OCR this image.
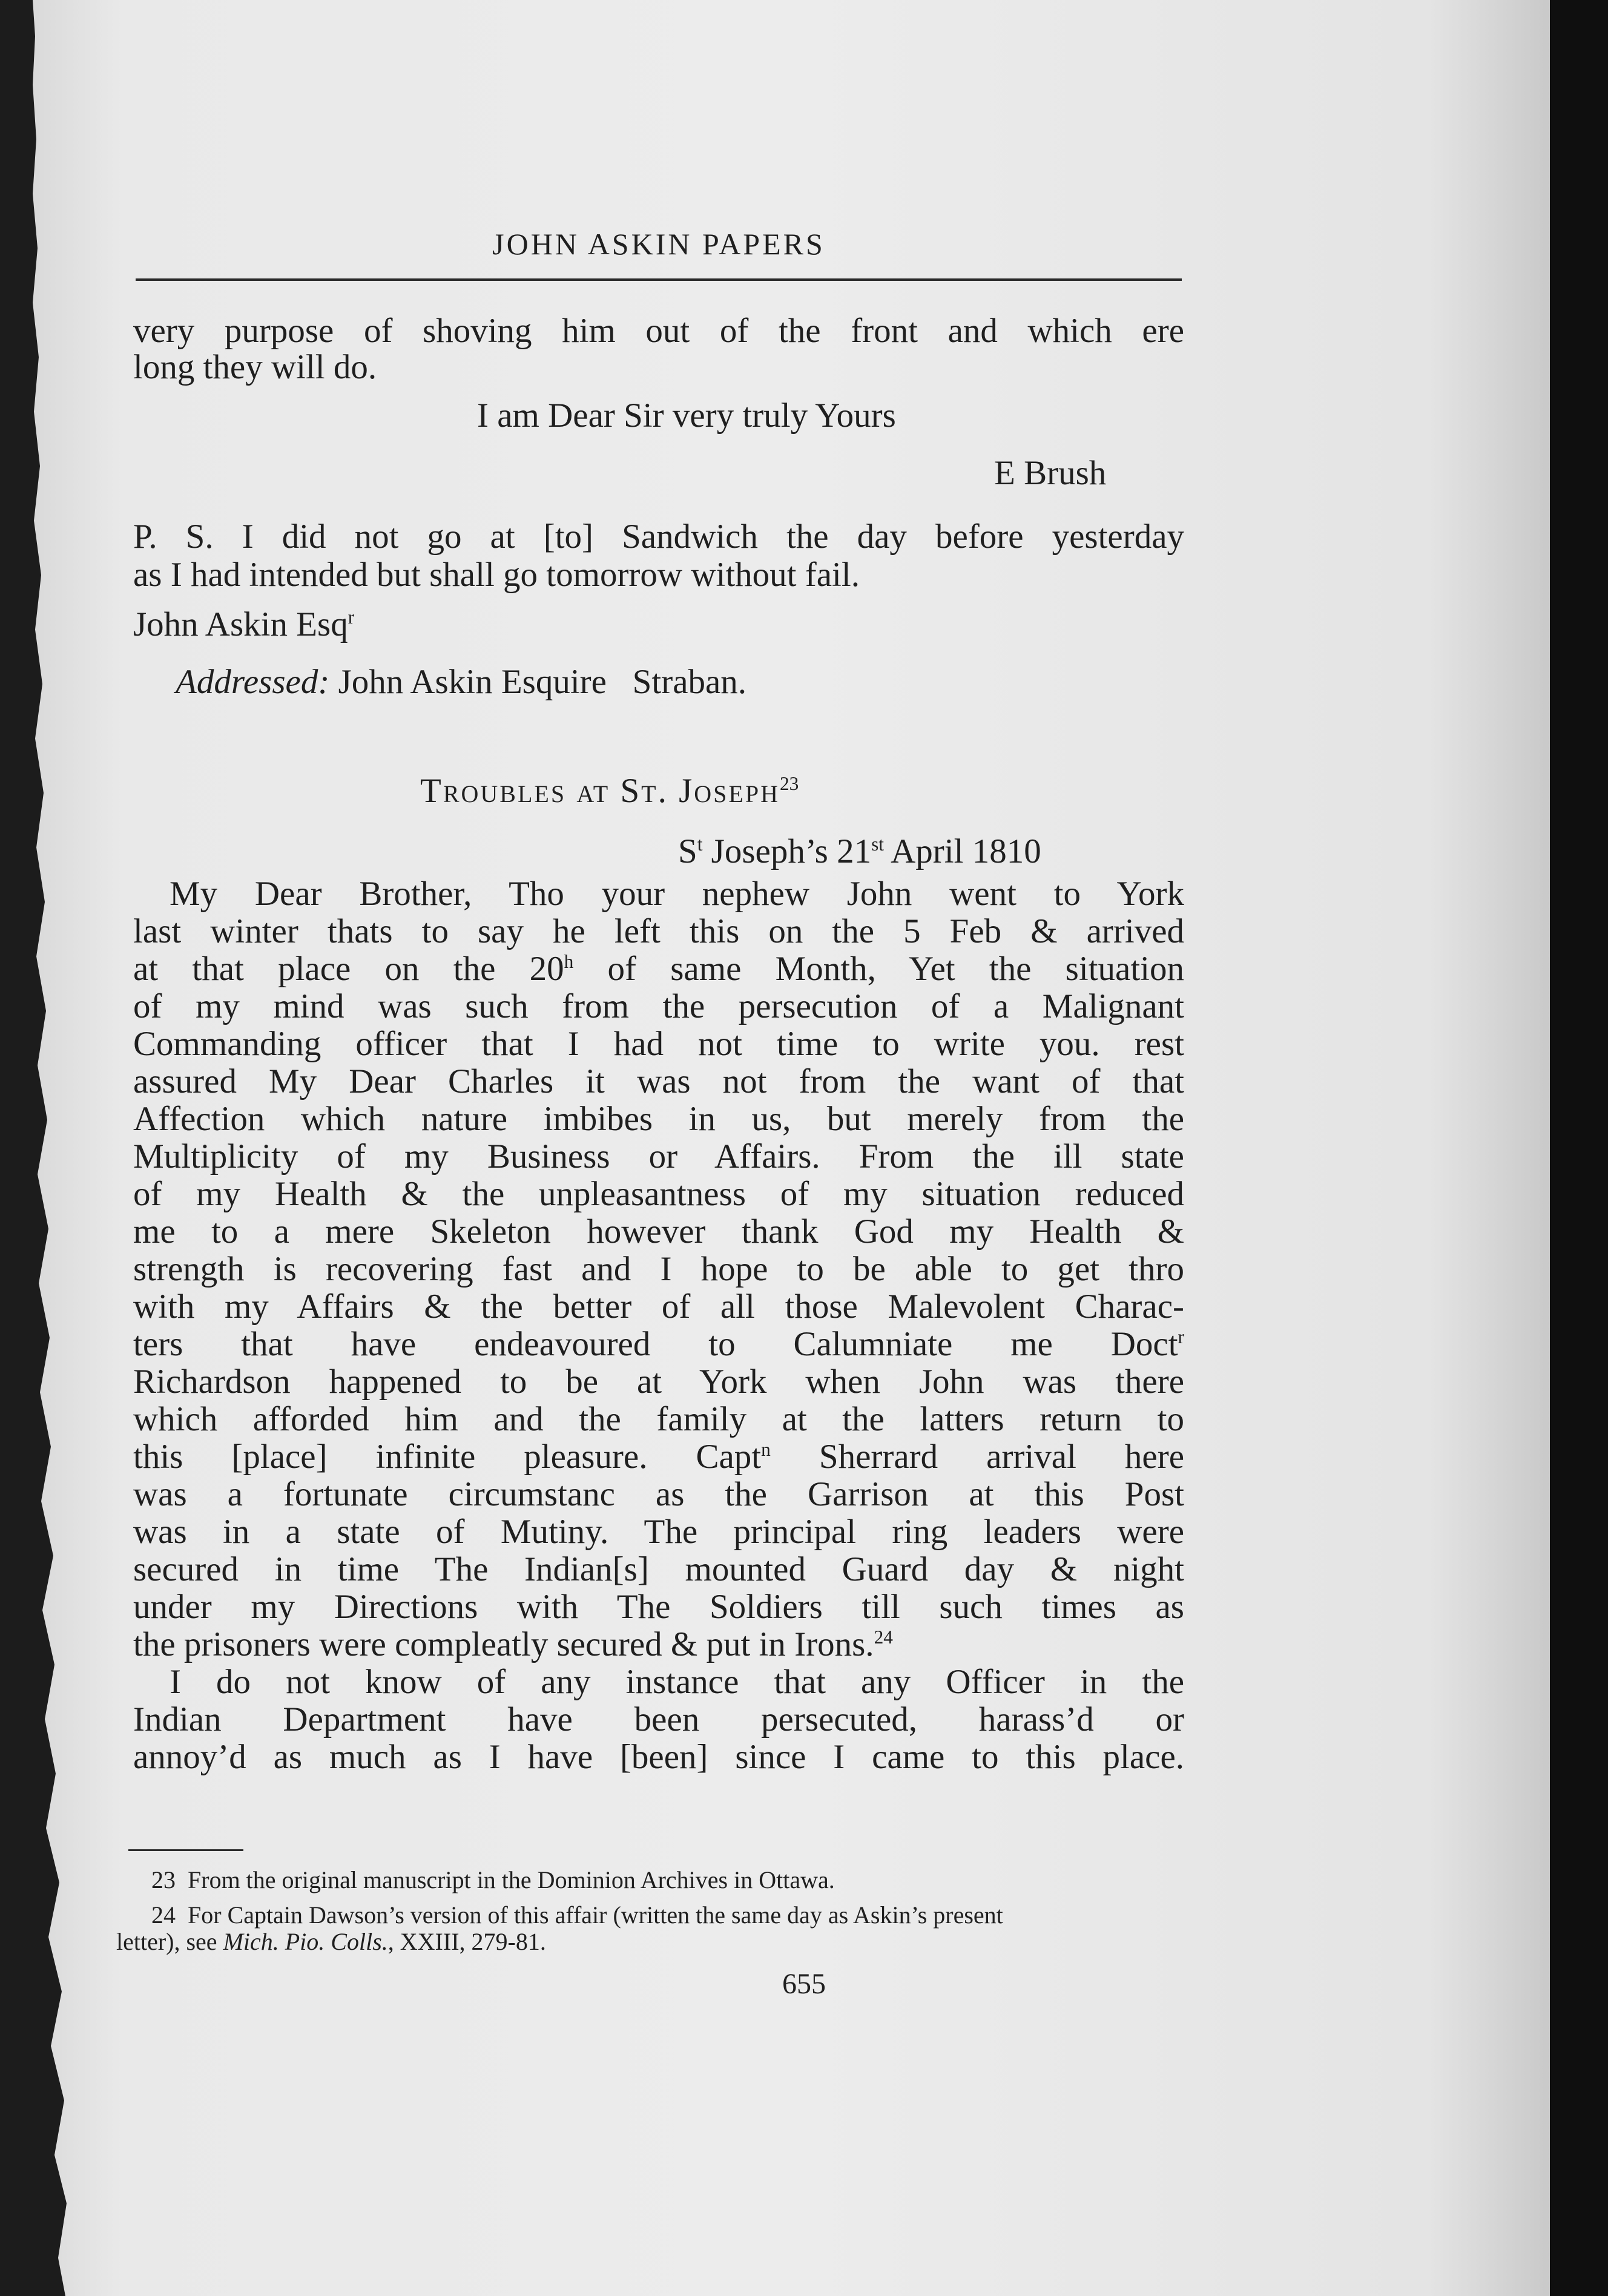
JOHN ASKIN PAPERS
very purpose of shoving him out of the front and which ere
long they will do.
I am Dear Sir very truly Yours
E Brush
P. S. I did not go at [to] Sandwich the day before yesterday
as I had intended but shall go tomorrow without fail.
John Askin Esq$^r$
Addressed: John Askin Esquire   Straban.
Troubles at St. Joseph$^{23}$
$S^t$ Joseph’s 21st April 1810
My Dear Brother, Tho your nephew John went to York
last winter thats to say he left this on the 5 Feb & arrived
at that place on the 20$^h$ of same Month, Yet the situation
of my mind was such from the persecution of a Malignant
Commanding officer that I had not time to write you. rest
assured My Dear Charles it was not from the want of that
Affection which nature imbibes in us, but merely from the
Multiplicity of my Business or Affairs. From the ill state
of my Health & the unpleasantness of my situation reduced
me to a mere Skeleton however thank God my Health &
strength is recovering fast and I hope to be able to get thro
with my Affairs & the better of all those Malevolent Charac-
ters that have endeavoured to Calumniate me Doct$^r$
Richardson happened to be at York when John was there
which afforded him and the family at the latters return to
this [place] infinite pleasure. Capt$^n$ Sherrard arrival here
was a fortunate circumstanc as the Garrison at this Post
was in a state of Mutiny. The principal ring leaders were
secured in time The Indian[s] mounted Guard day & night
under my Directions with The Soldiers till such times as
the prisoners were compleatly secured & put in Irons.$^{24}$
I do not know of any instance that any Officer in the
Indian Department have been persecuted, harass’d or
annoy’d as much as I have [been] since I came to this place.
23 From the original manuscript in the Dominion Archives in Ottawa.
24 For Captain Dawson’s version of this affair (written the same day as Askin’s present
letter), see Mich. Pio. Colls., XXIII, 279-81.
655
